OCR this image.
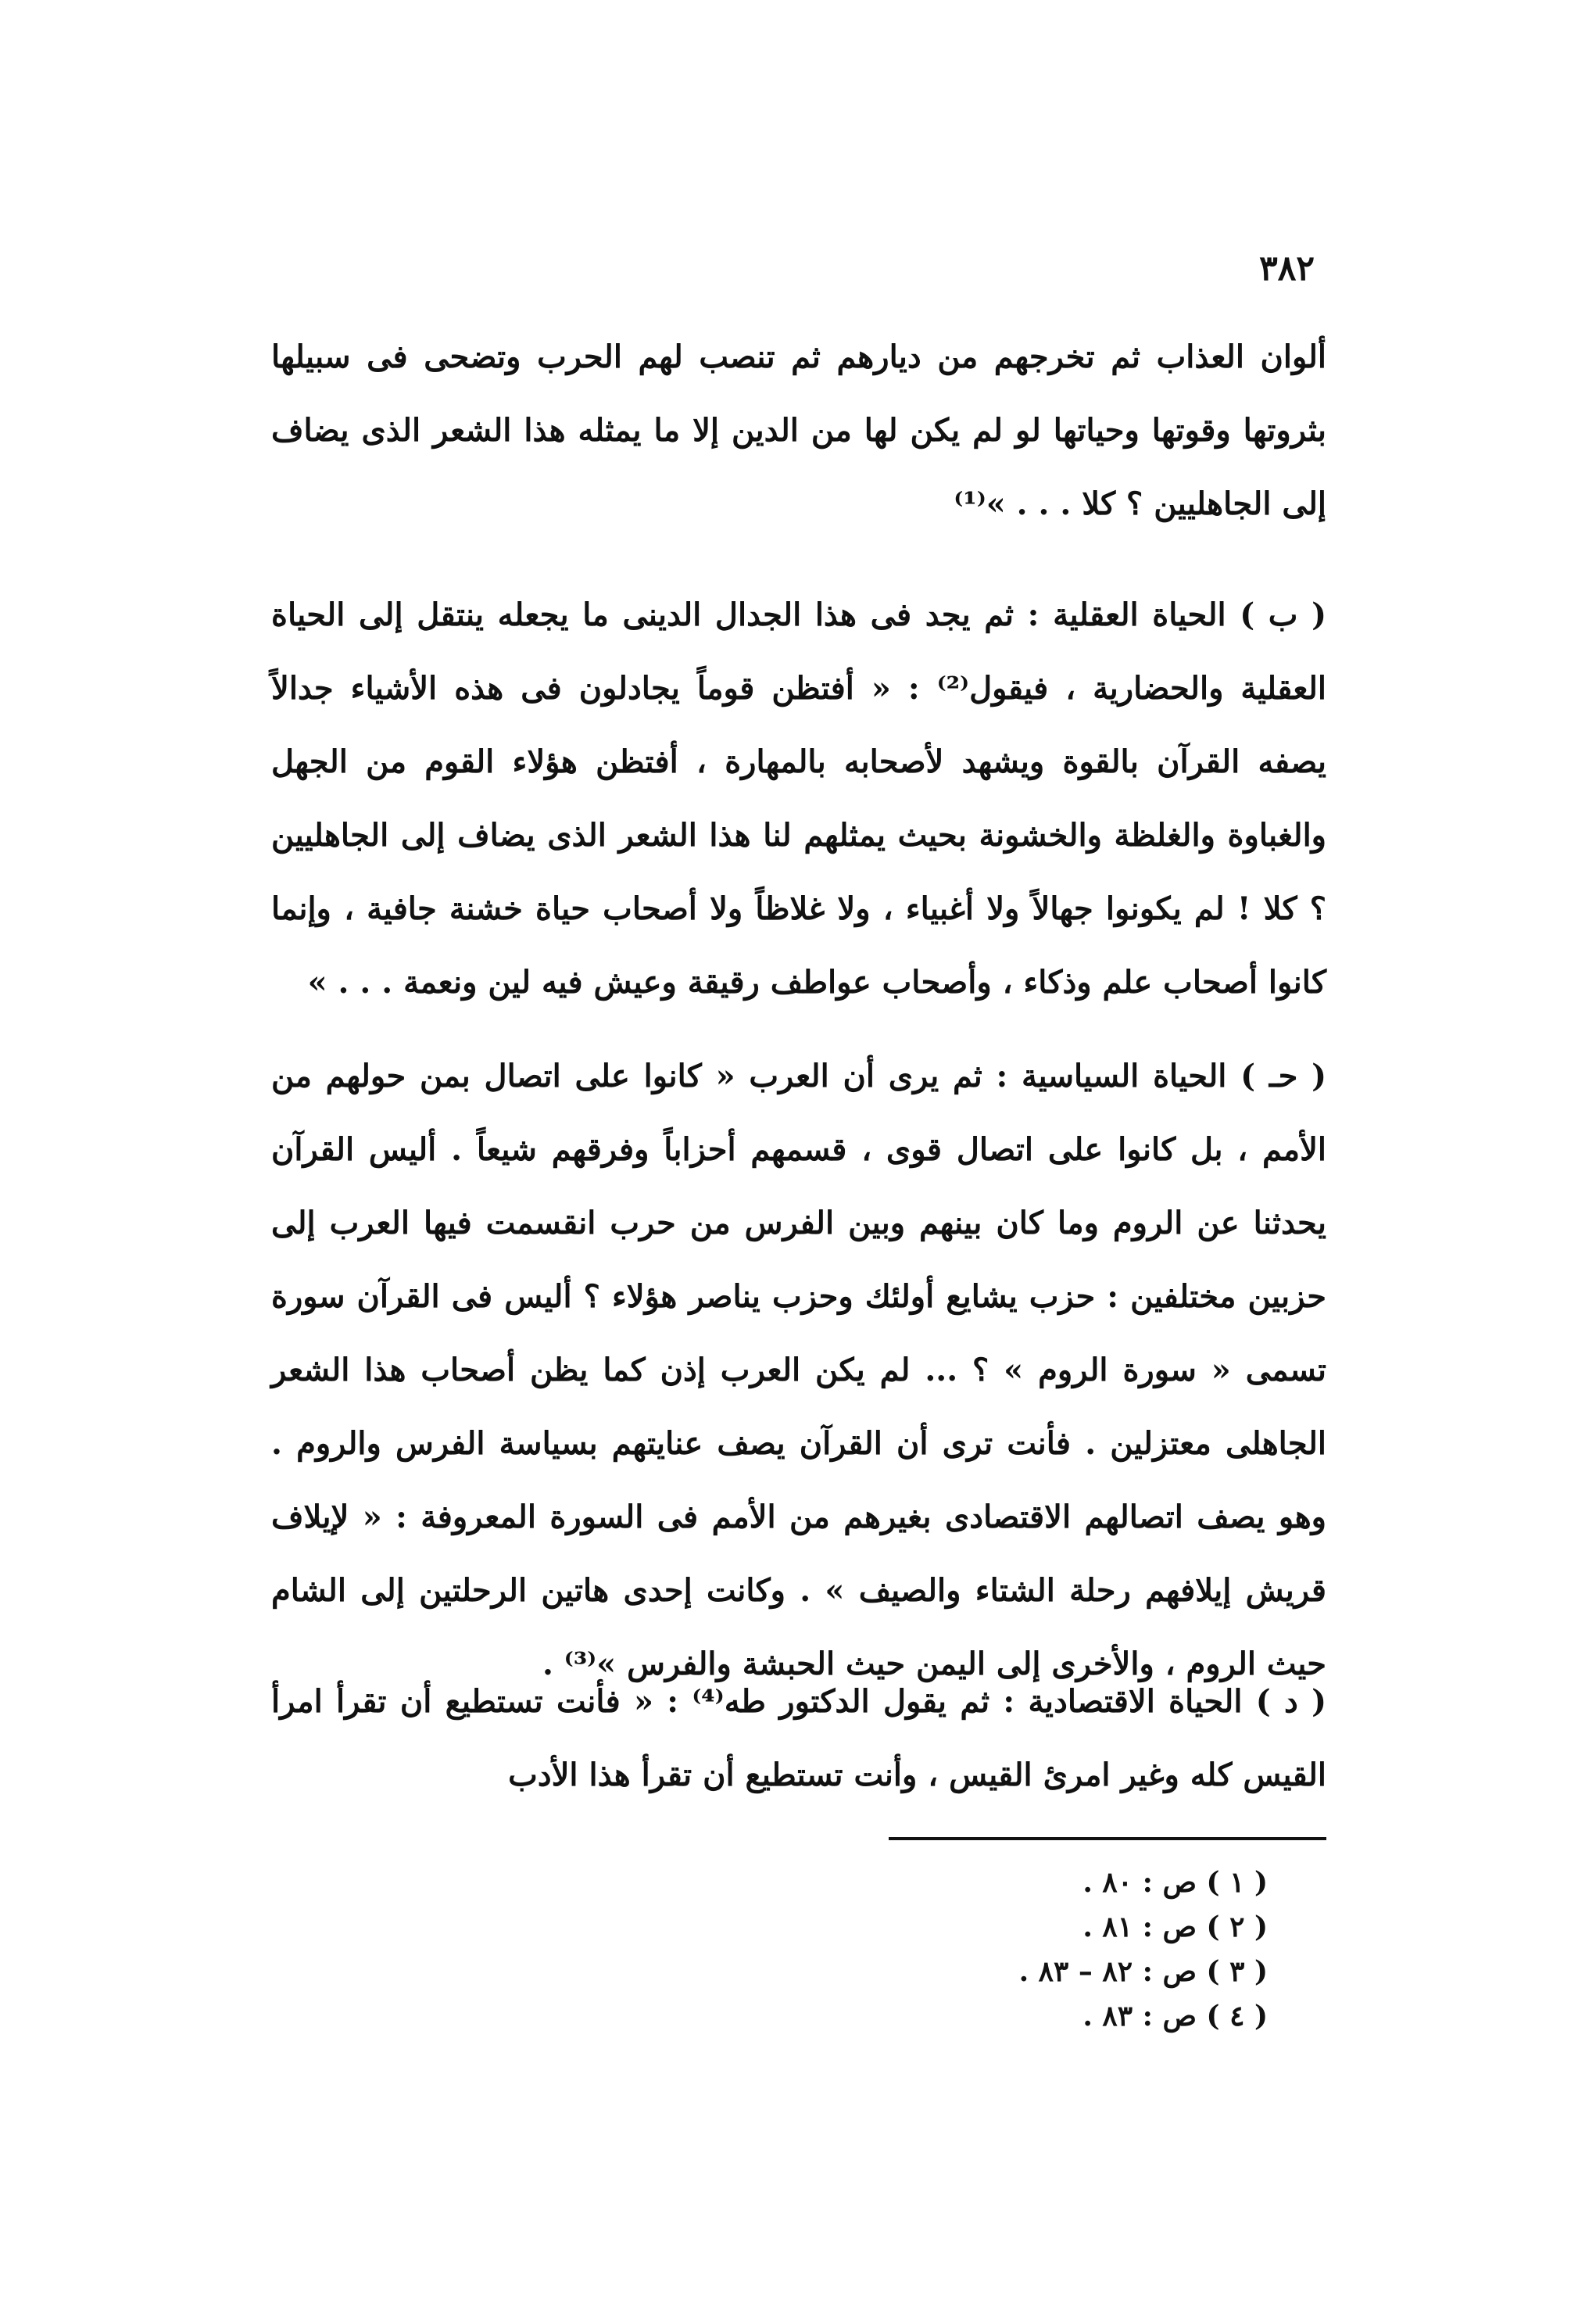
٣٨٢

ألوان العذاب ثم تخرجهم من ديارهم ثم تنصب لهم الحرب وتضحى فى سبيلها بثروتها وقوتها وحياتها لو لم يكن لها من الدين إلا ما يمثله هذا الشعر الذى يضاف إلى الجاهليين ؟ كلا . . . »⁽¹⁾

( ب ) الحياة العقلية : ثم يجد فى هذا الجدال الدينى ما يجعله ينتقل إلى الحياة العقلية والحضارية ، فيقول⁽²⁾ : « أفتظن قوماً يجادلون فى هذه الأشياء جدالاً يصفه القرآن بالقوة ويشهد لأصحابه بالمهارة ، أفتظن هؤلاء القوم من الجهل والغباوة والغلظة والخشونة بحيث يمثلهم لنا هذا الشعر الذى يضاف إلى الجاهليين ؟ كلا ! لم يكونوا جهالاً ولا أغبياء ، ولا غلاظاً ولا أصحاب حياة خشنة جافية ، وإنما كانوا أصحاب علم وذكاء ، وأصحاب عواطف رقيقة وعيش فيه لين ونعمة . . . »

( حـ ) الحياة السياسية : ثم يرى أن العرب « كانوا على اتصال بمن حولهم من الأمم ، بل كانوا على اتصال قوى ، قسمهم أحزاباً وفرقهم شيعاً . أليس القرآن يحدثنا عن الروم وما كان بينهم وبين الفرس من حرب انقسمت فيها العرب إلى حزبين مختلفين : حزب يشايع أولئك وحزب يناصر هؤلاء ؟ أليس فى القرآن سورة تسمى « سورة الروم » ؟ ... لم يكن العرب إذن كما يظن أصحاب هذا الشعر الجاهلى معتزلين . فأنت ترى أن القرآن يصف عنايتهم بسياسة الفرس والروم . وهو يصف اتصالهم الاقتصادى بغيرهم من الأمم فى السورة المعروفة : « لإيلاف قريش إيلافهم رحلة الشتاء والصيف » . وكانت إحدى هاتين الرحلتين إلى الشام حيث الروم ، والأخرى إلى اليمن حيث الحبشة والفرس »⁽³⁾ .

( د ) الحياة الاقتصادية : ثم يقول الدكتور طه⁽⁴⁾ : « فأنت تستطيع أن تقرأ امرأ القيس كله وغير امرئ القيس ، وأنت تستطيع أن تقرأ هذا الأدب

( ١ ) ص : ٨٠ .
( ٢ ) ص : ٨١ .
( ٣ ) ص : ٨٢ – ٨٣ .
( ٤ ) ص : ٨٣ .
